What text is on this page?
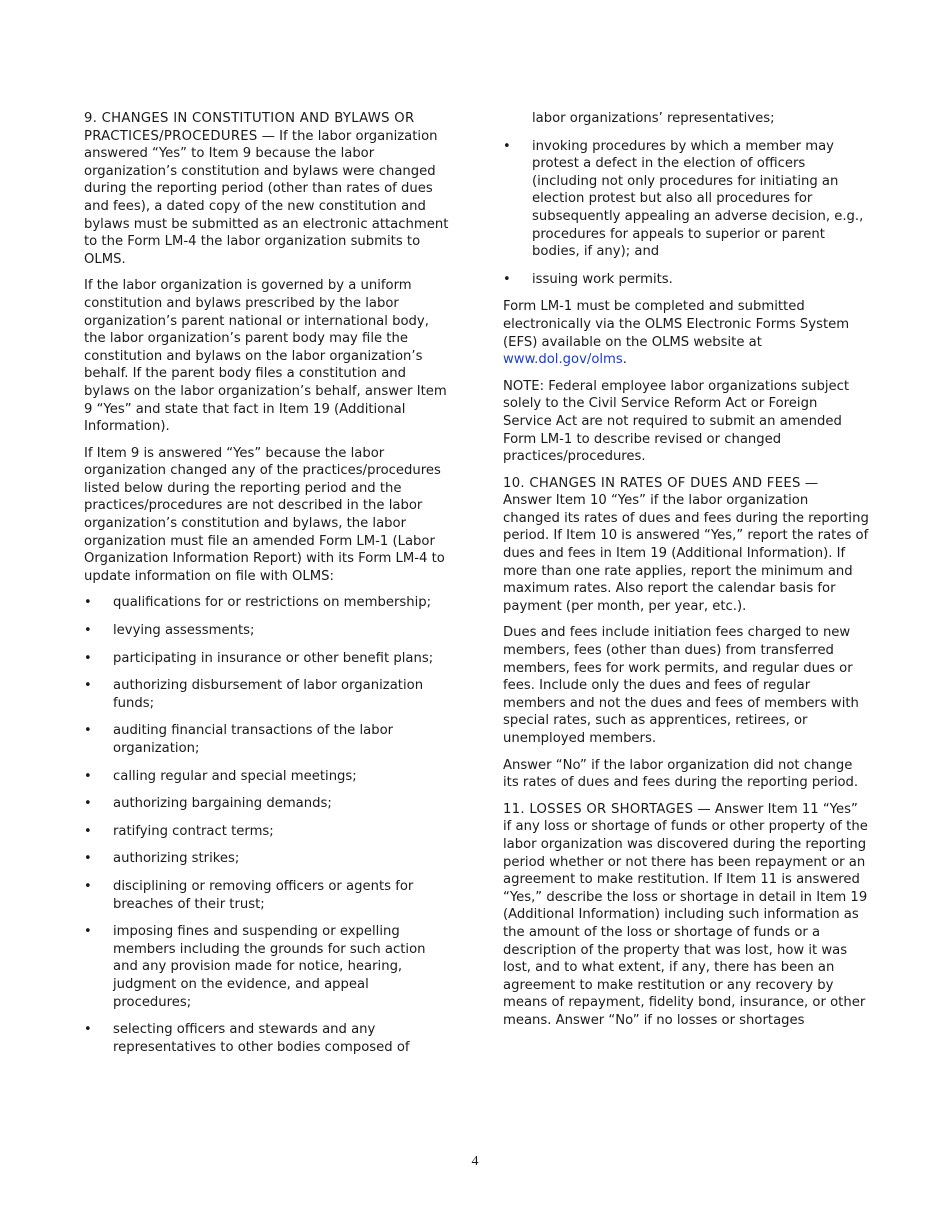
9. CHANGES IN CONSTITUTION AND BYLAWS OR PRACTICES/PROCEDURES — If the labor organization answered “Yes” to Item 9 because the labor organization’s constitution and bylaws were changed during the reporting period (other than rates of dues and fees), a dated copy of the new constitution and bylaws must be submitted as an electronic attachment to the Form LM-4 the labor organization submits to OLMS.

If the labor organization is governed by a uniform constitution and bylaws prescribed by the labor organization’s parent national or international body, the labor organization’s parent body may file the constitution and bylaws on the labor organization’s behalf. If the parent body files a constitution and bylaws on the labor organization’s behalf, answer Item 9 “Yes” and state that fact in Item 19 (Additional Information).

If Item 9 is answered “Yes” because the labor organization changed any of the practices/procedures listed below during the reporting period and the practices/procedures are not described in the labor organization’s constitution and bylaws, the labor organization must file an amended Form LM-1 (Labor Organization Information Report) with its Form LM-4 to update information on file with OLMS:

• qualifications for or restrictions on membership;
• levying assessments;
• participating in insurance or other benefit plans;
• authorizing disbursement of labor organization funds;
• auditing financial transactions of the labor organization;
• calling regular and special meetings;
• authorizing bargaining demands;
• ratifying contract terms;
• authorizing strikes;
• disciplining or removing officers or agents for breaches of their trust;
• imposing fines and suspending or expelling members including the grounds for such action and any provision made for notice, hearing, judgment on the evidence, and appeal procedures;
• selecting officers and stewards and any representatives to other bodies composed of
labor organizations’ representatives;
• invoking procedures by which a member may protest a defect in the election of officers (including not only procedures for initiating an election protest but also all procedures for subsequently appealing an adverse decision, e.g., procedures for appeals to superior or parent bodies, if any); and
• issuing work permits.

Form LM-1 must be completed and submitted electronically via the OLMS Electronic Forms System (EFS) available on the OLMS website at www.dol.gov/olms.

NOTE: Federal employee labor organizations subject solely to the Civil Service Reform Act or Foreign Service Act are not required to submit an amended Form LM-1 to describe revised or changed practices/procedures.

10. CHANGES IN RATES OF DUES AND FEES — Answer Item 10 “Yes” if the labor organization changed its rates of dues and fees during the reporting period. If Item 10 is answered “Yes,” report the rates of dues and fees in Item 19 (Additional Information). If more than one rate applies, report the minimum and maximum rates. Also report the calendar basis for payment (per month, per year, etc.).

Dues and fees include initiation fees charged to new members, fees (other than dues) from transferred members, fees for work permits, and regular dues or fees. Include only the dues and fees of regular members and not the dues and fees of members with special rates, such as apprentices, retirees, or unemployed members.

Answer “No” if the labor organization did not change its rates of dues and fees during the reporting period.

11. LOSSES OR SHORTAGES — Answer Item 11 “Yes” if any loss or shortage of funds or other property of the labor organization was discovered during the reporting period whether or not there has been repayment or an agreement to make restitution. If Item 11 is answered “Yes,” describe the loss or shortage in detail in Item 19 (Additional Information) including such information as the amount of the loss or shortage of funds or a description of the property that was lost, how it was lost, and to what extent, if any, there has been an agreement to make restitution or any recovery by means of repayment, fidelity bond, insurance, or other means. Answer “No” if no losses or shortages

4
